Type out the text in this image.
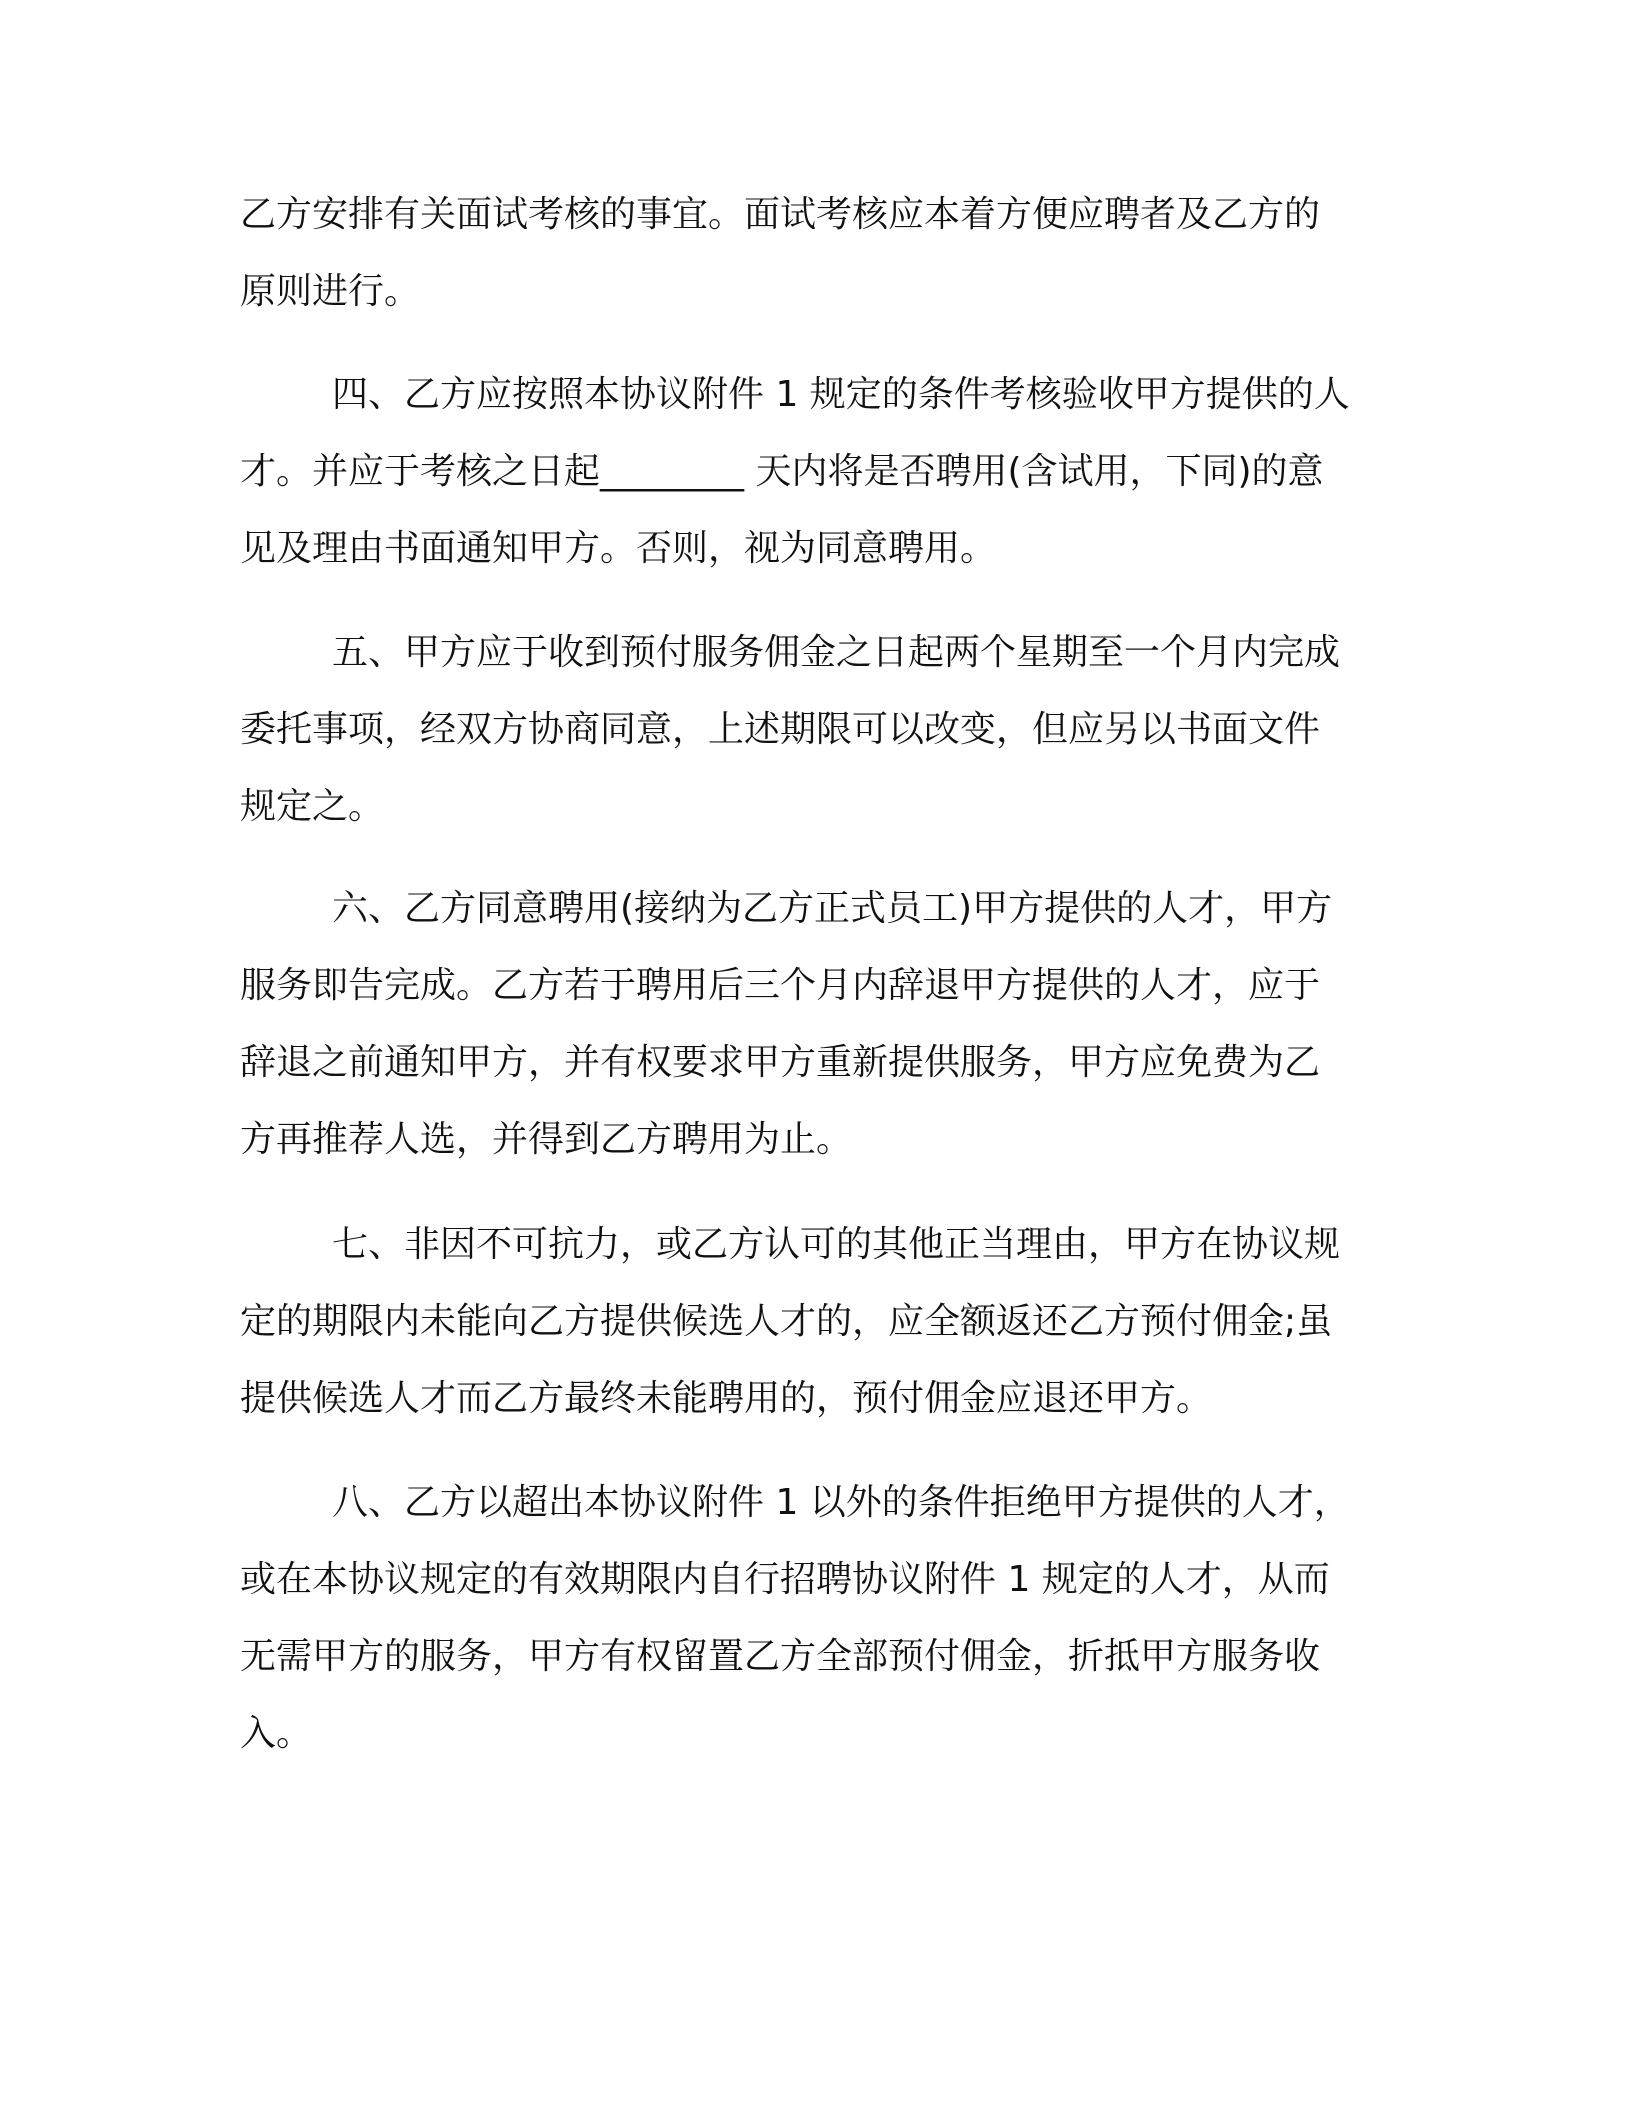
乙方安排有关面试考核的事宜。面试考核应本着方便应聘者及乙方的
原则进行。
四、乙方应按照本协议附件 1 规定的条件考核验收甲方提供的人
才。并应于考核之日起________ 天内将是否聘用(含试用，下同)的意
见及理由书面通知甲方。否则，视为同意聘用。
五、甲方应于收到预付服务佣金之日起两个星期至一个月内完成
委托事项，经双方协商同意，上述期限可以改变，但应另以书面文件
规定之。
六、乙方同意聘用(接纳为乙方正式员工)甲方提供的人才，甲方
服务即告完成。乙方若于聘用后三个月内辞退甲方提供的人才，应于
辞退之前通知甲方，并有权要求甲方重新提供服务，甲方应免费为乙
方再推荐人选，并得到乙方聘用为止。
七、非因不可抗力，或乙方认可的其他正当理由，甲方在协议规
定的期限内未能向乙方提供候选人才的，应全额返还乙方预付佣金;虽
提供候选人才而乙方最终未能聘用的，预付佣金应退还甲方。
八、乙方以超出本协议附件 1 以外的条件拒绝甲方提供的人才，
或在本协议规定的有效期限内自行招聘协议附件 1 规定的人才，从而
无需甲方的服务，甲方有权留置乙方全部预付佣金，折抵甲方服务收
入。
